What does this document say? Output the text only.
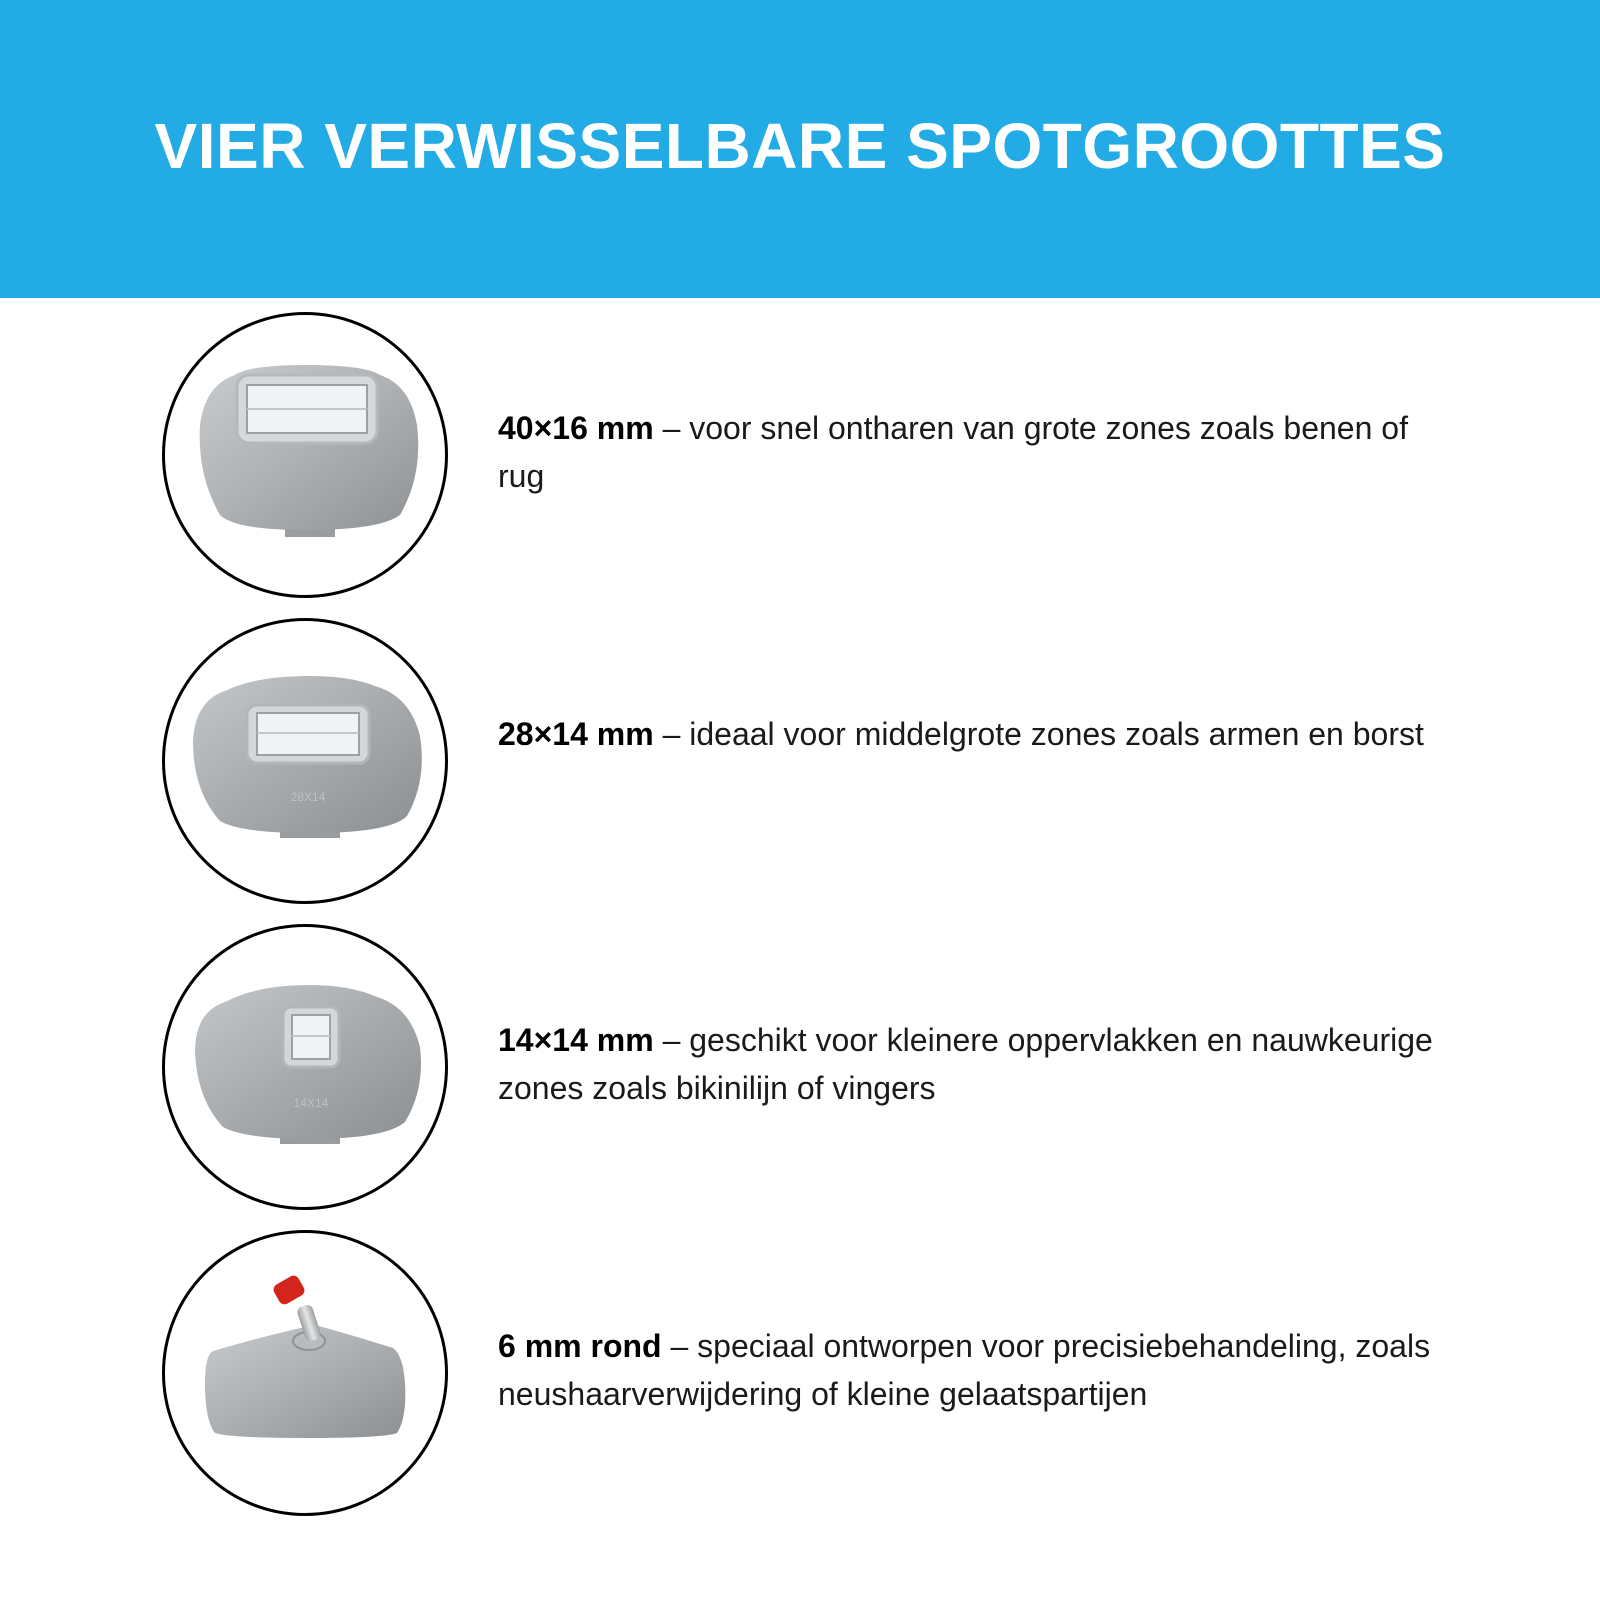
VIER VERWISSELBARE SPOTGROOTTES
40×16 mm – voor snel ontharen van grote zones zoals benen of rug
28X14
28×14 mm – ideaal voor middelgrote zones zoals armen en borst
14X14
14×14 mm – geschikt voor kleinere oppervlakken en nauwkeurige zones zoals bikinilijn of vingers
6 mm rond – speciaal ontworpen voor precisiebehandeling, zoals neushaarverwijdering of kleine gelaatspartijen
